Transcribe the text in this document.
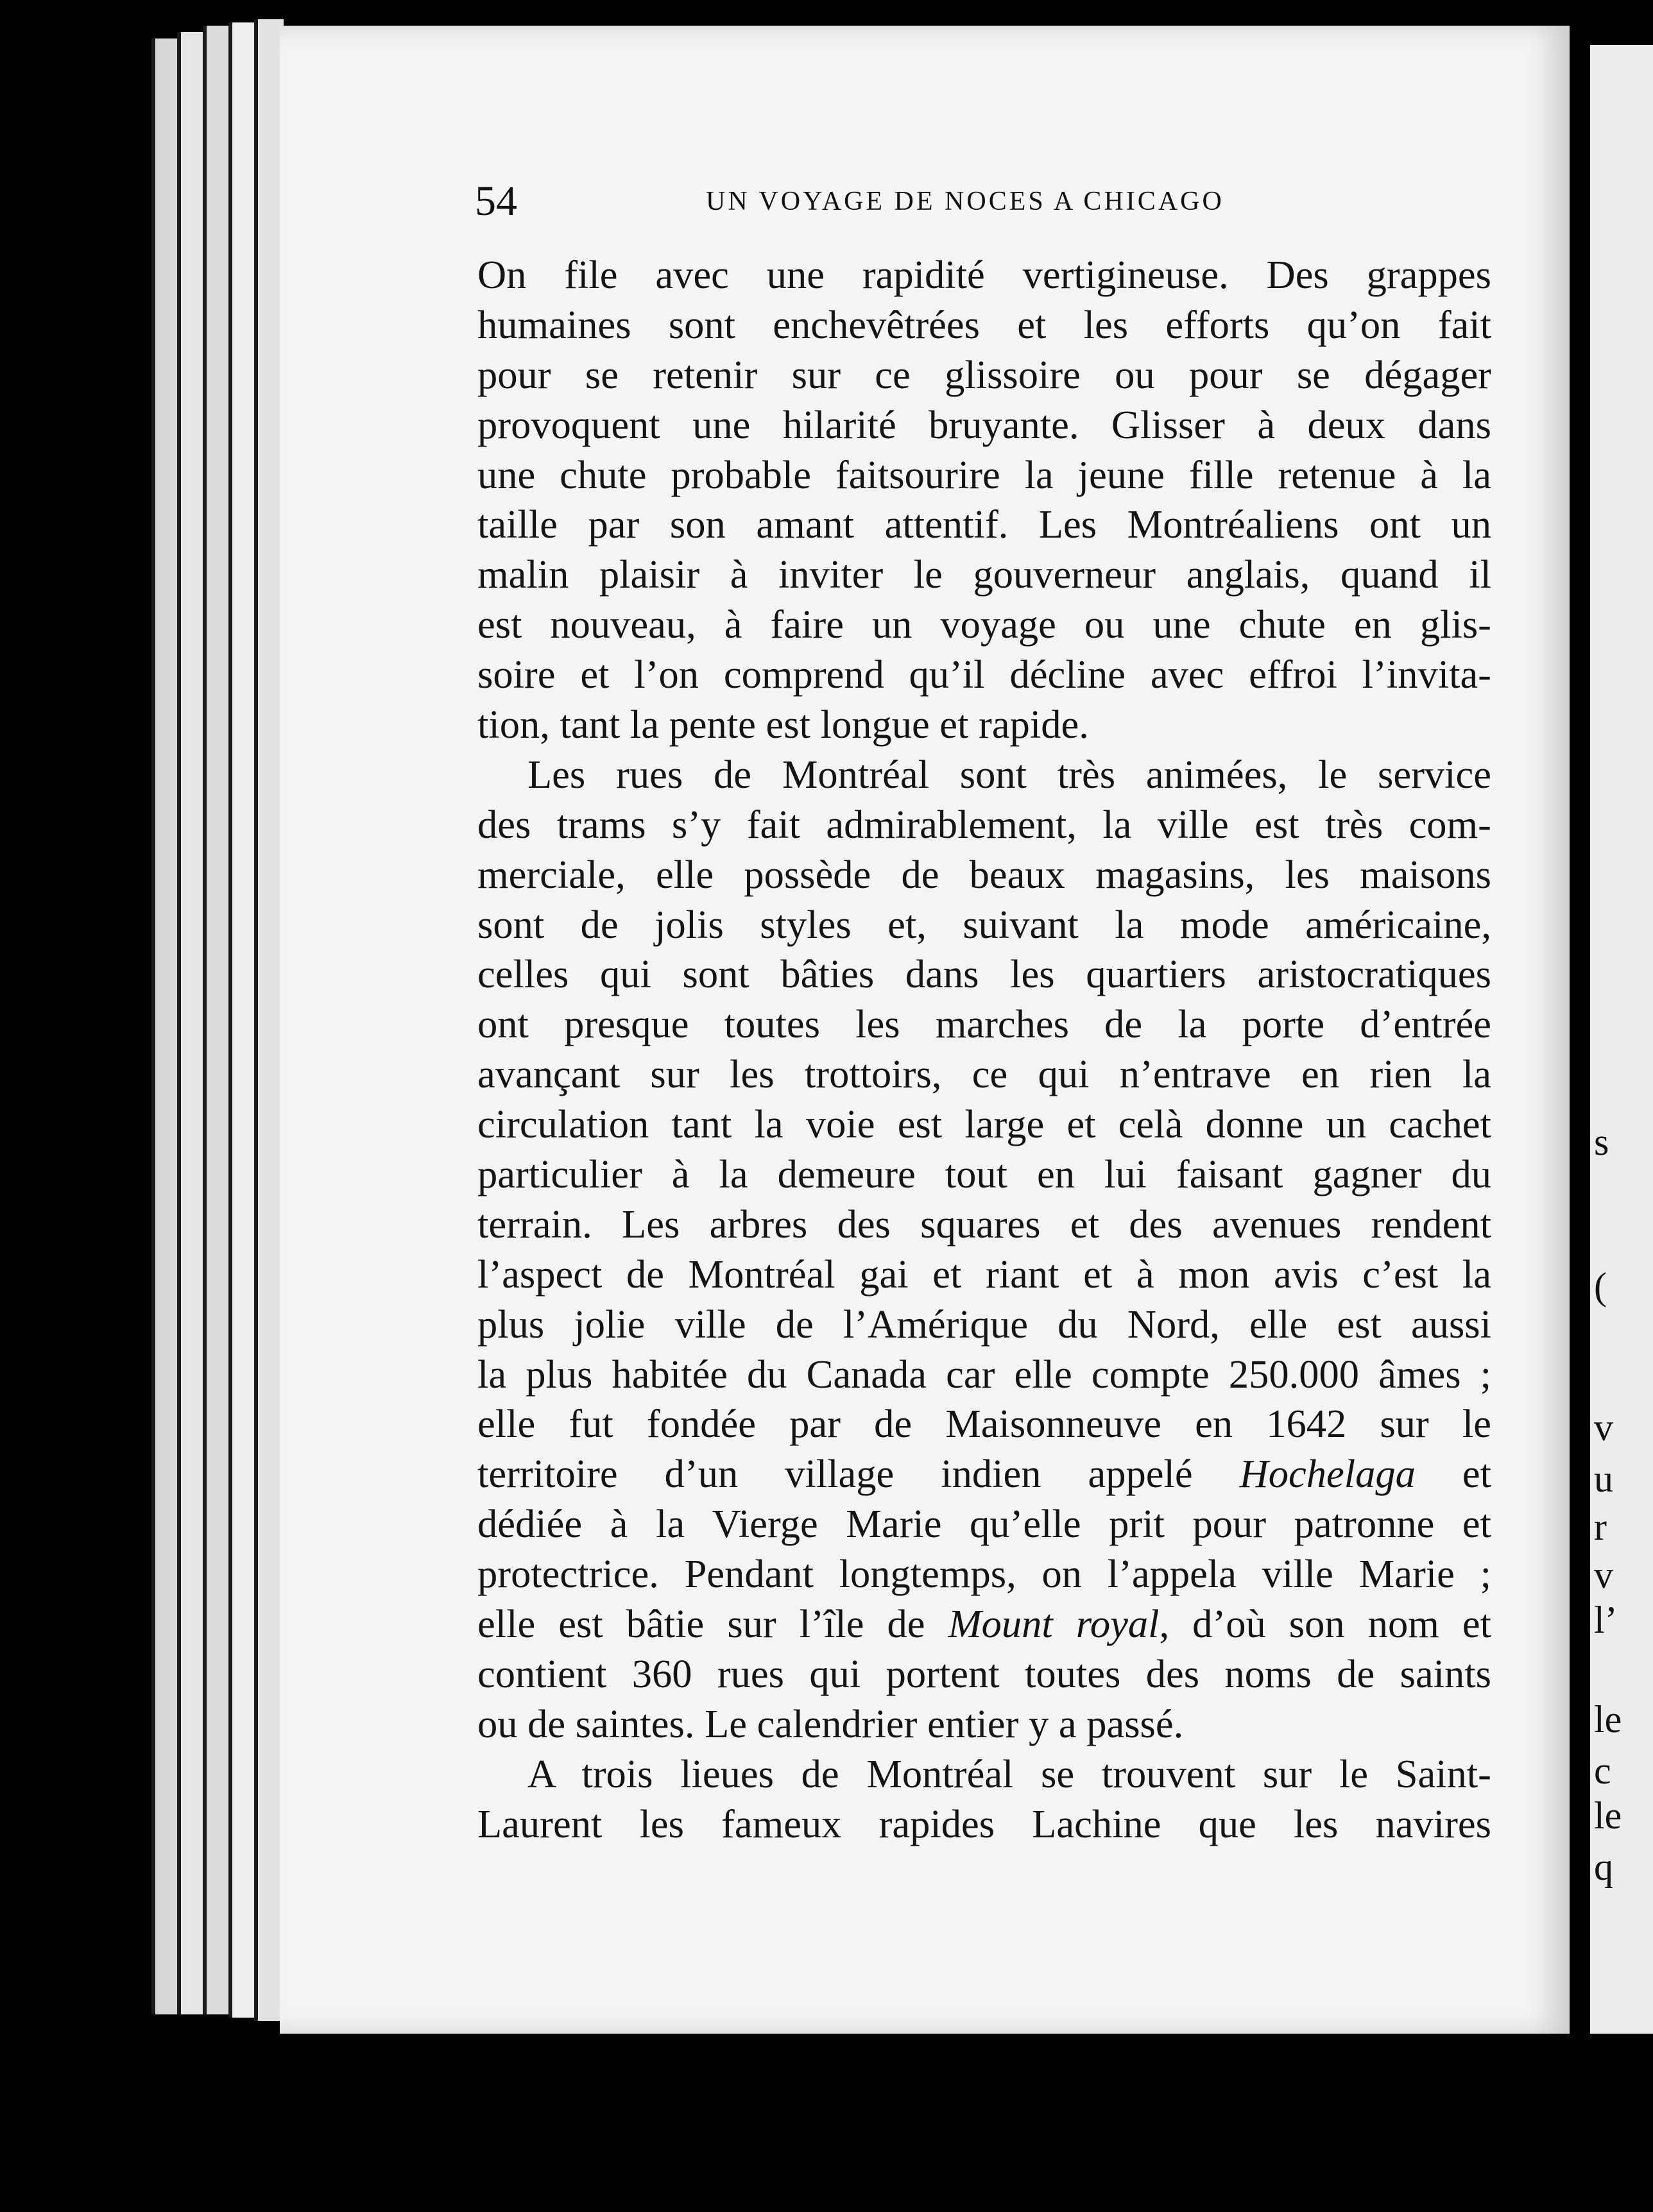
s
(
v
u
r
v
l’
le
c
le
q
54	UN VOYAGE DE NOCES A CHICAGO
On file avec une rapidité vertigineuse. Des grappes
humaines sont enchevêtrées et les efforts qu’on fait
pour se retenir sur ce glissoire ou pour se dégager
provoquent une hilarité bruyante. Glisser à deux dans
une chute probable faitsourire la jeune fille retenue à la
taille par son amant attentif. Les Montréaliens ont un
malin plaisir à inviter le gouverneur anglais, quand il
est nouveau, à faire un voyage ou une chute en glis-
soire et l’on comprend qu’il décline avec effroi l’invita-
tion, tant la pente est longue et rapide.
Les rues de Montréal sont très animées, le service
des trams s’y fait admirablement, la ville est très com-
merciale, elle possède de beaux magasins, les maisons
sont de jolis styles et, suivant la mode américaine,
celles qui sont bâties dans les quartiers aristocratiques
ont presque toutes les marches de la porte d’entrée
avançant sur les trottoirs, ce qui n’entrave en rien la
circulation tant la voie est large et celà donne un cachet
particulier à la demeure tout en lui faisant gagner du
terrain. Les arbres des squares et des avenues rendent
l’aspect de Montréal gai et riant et à mon avis c’est la
plus jolie ville de l’Amérique du Nord, elle est aussi
la plus habitée du Canada car elle compte 250.000 âmes ;
elle fut fondée par de Maisonneuve en 1642 sur le
territoire d’un village indien appelé Hochelaga et
dédiée à la Vierge Marie qu’elle prit pour patronne et
protectrice. Pendant longtemps, on l’appela ville Marie ;
elle est bâtie sur l’île de Mount royal, d’où son nom et
contient 360 rues qui portent toutes des noms de saints
ou de saintes. Le calendrier entier y a passé.
A trois lieues de Montréal se trouvent sur le Saint-
Laurent les fameux rapides Lachine que les navires
